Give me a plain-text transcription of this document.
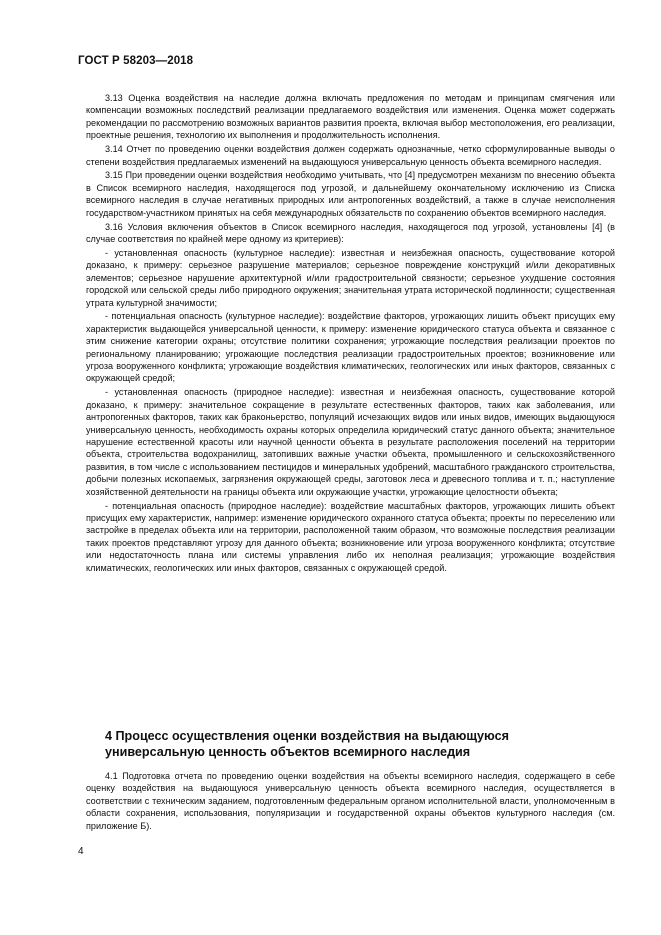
ГОСТ Р 58203—2018

3.13 Оценка воздействия на наследие должна включать предложения по методам и принципам смягчения или компенсации возможных последствий реализации предлагаемого воздействия или изменения. Оценка может содержать рекомендации по рассмотрению возможных вариантов развития проекта, включая выбор местоположения, его реализации, проектные решения, технологию их выполнения и продолжительность исполнения.

3.14 Отчет по проведению оценки воздействия должен содержать однозначные, четко сформулированные выводы о степени воздействия предлагаемых изменений на выдающуюся универсальную ценность объекта всемирного наследия.

3.15 При проведении оценки воздействия необходимо учитывать, что [4] предусмотрен механизм по внесению объекта в Список всемирного наследия, находящегося под угрозой, и дальнейшему окончательному исключению из Списка всемирного наследия в случае негативных природных или антропогенных воздействий, а также в случае неисполнения государством-участником принятых на себя международных обязательств по сохранению объектов всемирного наследия.

3.16 Условия включения объектов в Список всемирного наследия, находящегося под угрозой, установлены [4] (в случае соответствия по крайней мере одному из критериев):

- установленная опасность (культурное наследие): известная и неизбежная опасность, существование которой доказано, к примеру: серьезное разрушение материалов; серьезное повреждение конструкций и/или декоративных элементов; серьезное нарушение архитектурной и/или градостроительной связности; серьезное ухудшение состояния городской или сельской среды либо природного окружения; значительная утрата исторической подлинности; существенная утрата культурной значимости;

- потенциальная опасность (культурное наследие): воздействие факторов, угрожающих лишить объект присущих ему характеристик выдающейся универсальной ценности, к примеру: изменение юридического статуса объекта и связанное с этим снижение категории охраны; отсутствие политики сохранения; угрожающие последствия реализации проектов по региональному планированию; угрожающие последствия реализации градостроительных проектов; возникновение или угроза вооруженного конфликта; угрожающие воздействия климатических, геологических или иных факторов, связанных с окружающей средой;

- установленная опасность (природное наследие): известная и неизбежная опасность, существование которой доказано, к примеру: значительное сокращение в результате естественных факторов, таких как заболевания, или антропогенных факторов, таких как браконьерство, популяций исчезающих видов или иных видов, имеющих выдающуюся универсальную ценность, необходимость охраны которых определила юридический статус данного объекта; значительное нарушение естественной красоты или научной ценности объекта в результате расположения поселений на территории объекта, строительства водохранилищ, затопивших важные участки объекта, промышленного и сельскохозяйственного развития, в том числе с использованием пестицидов и минеральных удобрений, масштабного гражданского строительства, добычи полезных ископаемых, загрязнения окружающей среды, заготовок леса и древесного топлива и т. п.; наступление хозяйственной деятельности на границы объекта или окружающие участки, угрожающие целостности объекта;

- потенциальная опасность (природное наследие): воздействие масштабных факторов, угрожающих лишить объект присущих ему характеристик, например: изменение юридического охранного статуса объекта; проекты по переселению или застройке в пределах объекта или на территории, расположенной таким образом, что возможные последствия реализации таких проектов представляют угрозу для данного объекта; возникновение или угроза вооруженного конфликта; отсутствие или недостаточность плана или системы управления либо их неполная реализация; угрожающие воздействия климатических, геологических или иных факторов, связанных с окружающей средой.

4 Процесс осуществления оценки воздействия на выдающуюся универсальную ценность объектов всемирного наследия

4.1 Подготовка отчета по проведению оценки воздействия на объекты всемирного наследия, содержащего в себе оценку воздействия на выдающуюся универсальную ценность объекта всемирного наследия, осуществляется в соответствии с техническим заданием, подготовленным федеральным органом исполнительной власти, уполномоченным в области сохранения, использования, популяризации и государственной охраны объектов культурного наследия (см. приложение Б).

4
